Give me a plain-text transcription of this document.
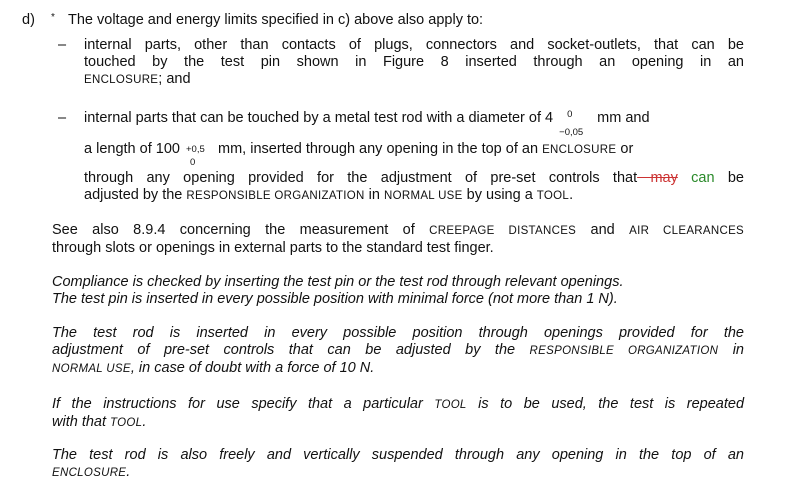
d) * The voltage and energy limits specified in c) above also apply to:
– internal parts, other than contacts of plugs, connectors and socket-outlets, that can be
touched by the test pin shown in Figure 8 inserted through an opening in an
ENCLOSURE; and
– internal parts that can be touched by a metal test rod with a diameter of 4 0
−0,05
mm and
a length of 100 +0,5
0
mm, inserted through any opening in the top of an ENCLOSURE or
through any opening provided for the adjustment of pre-set controls that may can be
adjusted by the RESPONSIBLE ORGANIZATION in NORMAL USE by using a TOOL.
See also 8.9.4 concerning the measurement of CREEPAGE DISTANCES and AIR CLEARANCES
through slots or openings in external parts to the standard test finger.
Compliance is checked by inserting the test pin or the test rod through relevant openings.
The test pin is inserted in every possible position with minimal force (not more than 1 N).
The test rod is inserted in every possible position through openings provided for the
adjustment of pre-set controls that can be adjusted by the RESPONSIBLE ORGANIZATION in
NORMAL USE, in case of doubt with a force of 10 N.
If the instructions for use specify that a particular TOOL is to be used, the test is repeated
with that TOOL.
The test rod is also freely and vertically suspended through any opening in the top of an
ENCLOSURE.
